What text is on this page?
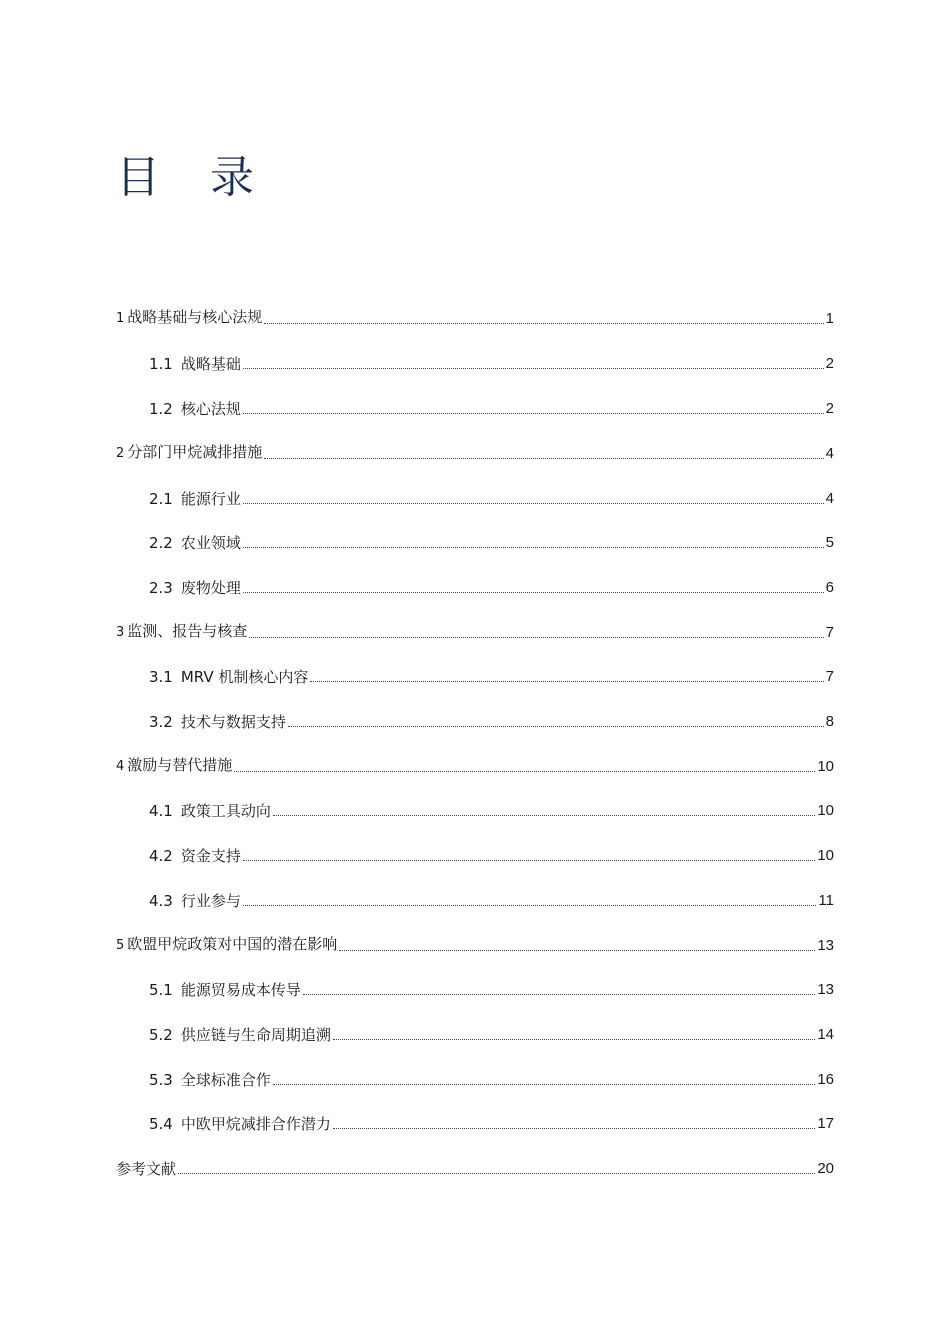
目 录
1 战略基础与核心法规	1
1.1 战略基础	2
1.2 核心法规	2
2 分部门甲烷减排措施	4
2.1 能源行业	4
2.2 农业领域	5
2.3 废物处理	6
3 监测、报告与核查	7
3.1 MRV 机制核心内容	7
3.2 技术与数据支持	8
4 激励与替代措施	10
4.1 政策工具动向	10
4.2 资金支持	10
4.3 行业参与	11
5 欧盟甲烷政策对中国的潜在影响	13
5.1 能源贸易成本传导	13
5.2 供应链与生命周期追溯	14
5.3 全球标准合作	16
5.4 中欧甲烷减排合作潜力	17
参考文献	20
